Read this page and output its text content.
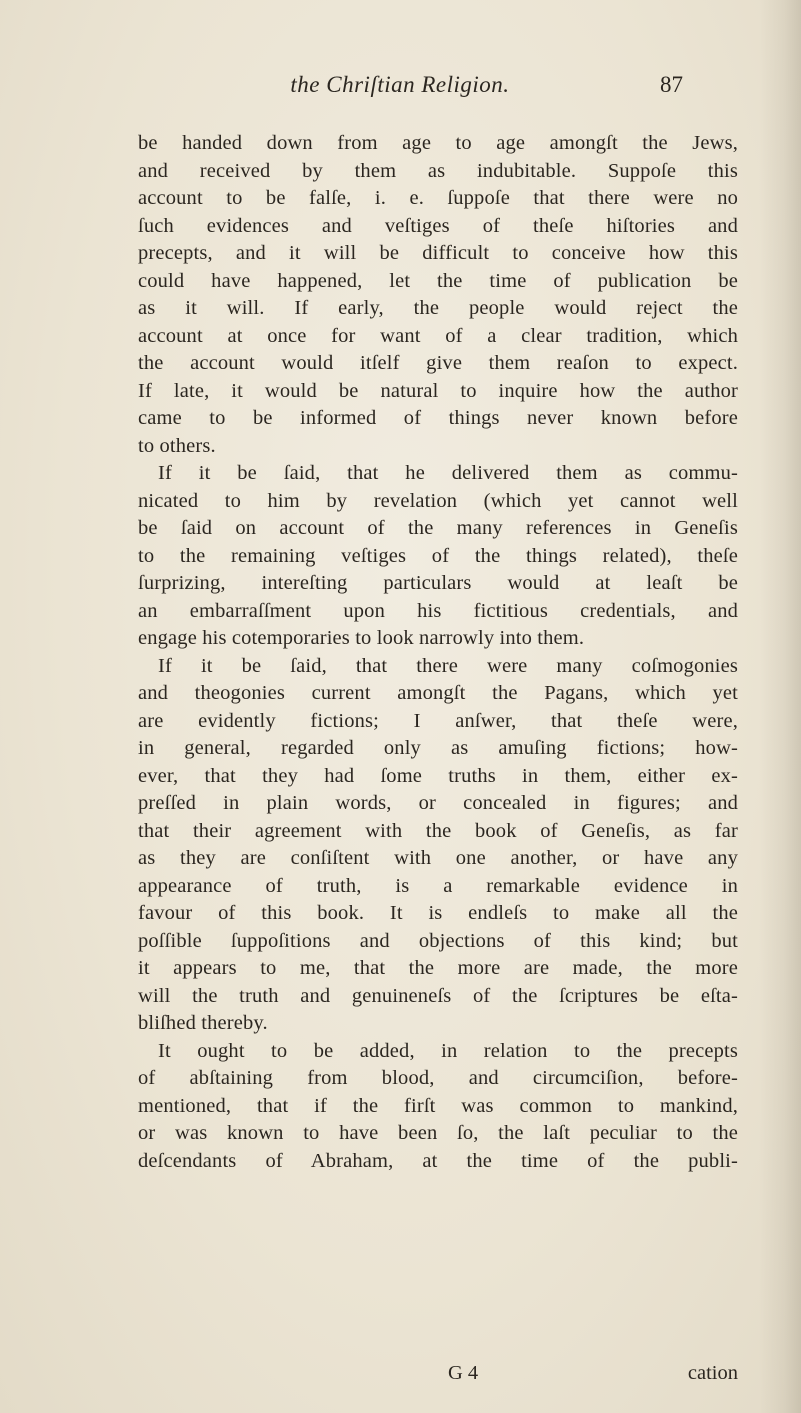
the Chriſtian Religion.	87
be handed down from age to age amongſt the Jews,
and received by them as indubitable. Suppoſe this
account to be falſe, i. e. ſuppoſe that there were no
ſuch evidences and veſtiges of theſe hiſtories and
precepts, and it will be difficult to conceive how this
could have happened, let the time of publication be
as it will. If early, the people would reject the
account at once for want of a clear tradition, which
the account would itſelf give them reaſon to expect.
If late, it would be natural to inquire how the author
came to be informed of things never known before
to others.
If it be ſaid, that he delivered them as commu-
nicated to him by revelation (which yet cannot well
be ſaid on account of the many references in Geneſis
to the remaining veſtiges of the things related), theſe
ſurprizing, intereſting particulars would at leaſt be
an embarraſſment upon his fictitious credentials, and
engage his cotemporaries to look narrowly into them.
If it be ſaid, that there were many coſmogonies
and theogonies current amongſt the Pagans, which yet
are evidently fictions; I anſwer, that theſe were,
in general, regarded only as amuſing fictions; how-
ever, that they had ſome truths in them, either ex-
preſſed in plain words, or concealed in figures; and
that their agreement with the book of Geneſis, as far
as they are conſiſtent with one another, or have any
appearance of truth, is a remarkable evidence in
favour of this book. It is endleſs to make all the
poſſible ſuppoſitions and objections of this kind; but
it appears to me, that the more are made, the more
will the truth and genuineneſs of the ſcriptures be eſta-
bliſhed thereby.
It ought to be added, in relation to the precepts
of abſtaining from blood, and circumciſion, before-
mentioned, that if the firſt was common to mankind,
or was known to have been ſo, the laſt peculiar to the
deſcendants of Abraham, at the time of the publi-
G 4	cation
